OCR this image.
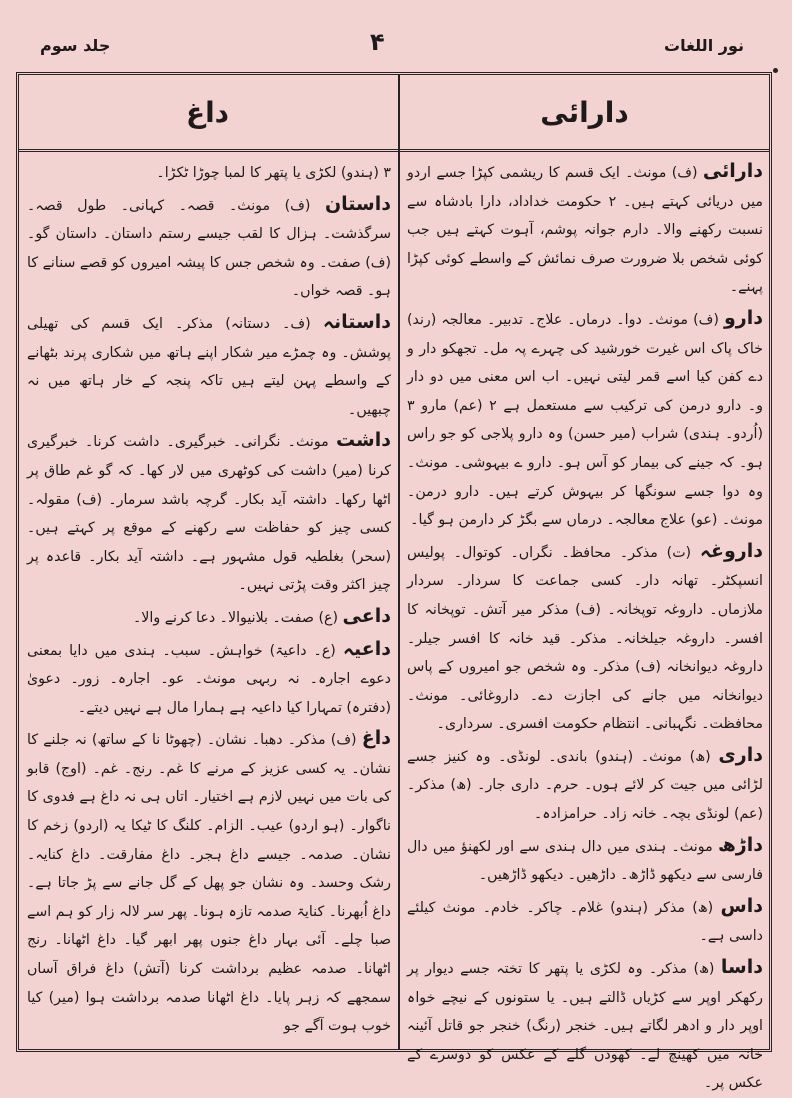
نور اللغات
۴
جلد سوم
دارائی
داغ

دارائی (ف) مونث۔ ایک قسم کا ریشمی کپڑا جسے اردو میں دریائی کہتے ہیں۔ ۲ حکومت خداداد، دارا بادشاہ سے نسبت رکھنے والا۔ دارم جوانہ پوشم، آہوت کہتے ہیں جب کوئی شخص بلا ضرورت صرف نمائش کے واسطے کوئی کپڑا پہنے۔

دارو (ف) مونث۔ دوا۔ درماں۔ علاج۔ تدبیر۔ معالجہ (رند) خاک پاک اس غیرت خورشید کی چہرے پہ مل۔ تجھکو دار و دے کفن کیا اسے قمر لیتی نہیں۔ اب اس معنی میں دو دار و۔ دارو درمن کی ترکیب سے مستعمل ہے ۲ (عم) مارو ۳ (اُردو۔ ہندی) شراب (میر حسن) وہ دارو پلاجی کو جو راس ہو۔ کہ جینے کی بیمار کو آس ہو۔ دارو ے بیہوشی۔ مونث۔ وہ دوا جسے سونگھا کر بیہوش کرتے ہیں۔ دارو درمن۔ مونث۔ (عو) علاج معالجہ۔ درماں سے بگڑ کر دارمن ہو گیا۔

داروغہ (ت) مذکر۔ محافظ۔ نگراں۔ کوتوال۔ پولیس انسپکٹر۔ تھانہ دار۔ کسی جماعت کا سردار۔ سردار ملازماں۔ داروغہ توپخانہ۔ (ف) مذکر میر آتش۔ توپخانہ کا افسر۔ داروغہ جیلخانہ۔ مذکر۔ قید خانہ کا افسر جیلر۔ داروغہ دیوانخانہ (ف) مذکر۔ وہ شخص جو امیروں کے پاس دیوانخانہ میں جانے کی اجازت دے۔ داروغائی۔ مونث۔ محافظت۔ نگہبانی۔ انتظام حکومت افسری۔ سرداری۔

داری (ھ) مونث۔ (ہندو) باندی۔ لونڈی۔ وہ کنیز جسے لڑائی میں جیت کر لائے ہوں۔ حرم۔ داری جار۔ (ھ) مذکر۔ (عم) لونڈی بچہ۔ خانہ زاد۔ حرامزادہ۔

داڑھ مونث۔ ہندی میں دال ہندی سے اور لکھنؤ میں دال فارسی سے دیکھو ڈاڑھ۔ داڑھیں۔ دیکھو ڈاڑھیں۔

داس (ھ) مذکر (ہندو) غلام۔ چاکر۔ خادم۔ مونث کیلئے داسی ہے۔

داسا (ھ) مذکر۔ وہ لکڑی یا پتھر کا تختہ جسے دیوار پر رکھکر اوپر سے کڑیاں ڈالتے ہیں۔ یا ستونوں کے نیچے خواہ اوپر دار و ادھر لگاتے ہیں۔ خنجر (رنگ) خنجر جو قاتل آئینہ خانہ میں کھینچ لے۔ کھودں گلے کے عکس کو دوسرے کے عکس پر۔

۳ (ہندو) لکڑی یا پتھر کا لمبا چوڑا ٹکڑا۔

داستان (ف) مونث۔ قصہ۔ کہانی۔ طول قصہ۔ سرگذشت۔ ہزال کا لقب جیسے رستم داستان۔ داستان گو۔ (ف) صفت۔ وہ شخص جس کا پیشہ امیروں کو قصے سنانے کا ہو۔ قصہ خواں۔

داستانہ (ف۔ دستانہ) مذکر۔ ایک قسم کی تھیلی پوشش۔ وہ چمڑے میر شکار اپنے ہاتھ میں شکاری پرند بٹھانے کے واسطے پہن لیتے ہیں تاکہ پنجہ کے خار ہاتھ میں نہ چبھیں۔

داشت مونث۔ نگرانی۔ خبرگیری۔ داشت کرنا۔ خبرگیری کرنا (میر) داشت کی کوٹھری میں لار کھا۔ کہ گو غم طاق پر اٹھا رکھا۔ داشتہ آید بکار۔ گرچہ باشد سرمار۔ (ف) مقولہ۔ کسی چیز کو حفاظت سے رکھنے کے موقع پر کہتے ہیں۔ (سحر) بغلطیہ قول مشہور ہے۔ داشتہ آید بکار۔ قاعدہ پر چیز اکثر وقت پڑتی نہیں۔

داعی (ع) صفت۔ بلانیوالا۔ دعا کرنے والا۔

داعیہ (ع۔ داعیۃ) خواہش۔ سبب۔ ہندی میں دایا بمعنی دعوے اجارہ۔ نہ ربہی مونث۔ عو۔ اجارہ۔ زور۔ دعویٰ (دفترہ) تمہارا کیا داعیہ ہے ہمارا مال ہے نہیں دیتے۔

داغ (ف) مذکر۔ دھبا۔ نشان۔ (چھوٹا نا کے ساتھ) نہ جلنے کا نشان۔ یہ کسی عزیز کے مرنے کا غم۔ رنج۔ غم۔ (اوج) قابو کی بات میں نہیں لازم ہے اختیار۔ اتاں ہی نہ داغ ہے فدوی کا ناگوار۔ (ہو اردو) عیب۔ الزام۔ کلنگ کا ٹیکا یہ (اردو) زخم کا نشان۔ صدمہ۔ جیسے داغ ہجر۔ داغ مفارقت۔ داغ کنایہ۔ رشک وحسد۔ وہ نشان جو پھل کے گل جانے سے پڑ جاتا ہے۔ داغ اُبھرنا۔ کنایۃ صدمہ تازہ ہونا۔ پھر سر لالہ زار کو ہم اسے صبا چلے۔ آئی بہار داغ جنوں پھر ابھر گیا۔ داغ اٹھانا۔ رنج اٹھانا۔ صدمہ عظیم برداشت کرنا (آتش) داغ فراق آساں سمجھے کہ زہر پایا۔ داغ اٹھانا صدمہ برداشت ہوا (میر) کیا خوب ہوت آگے جو
